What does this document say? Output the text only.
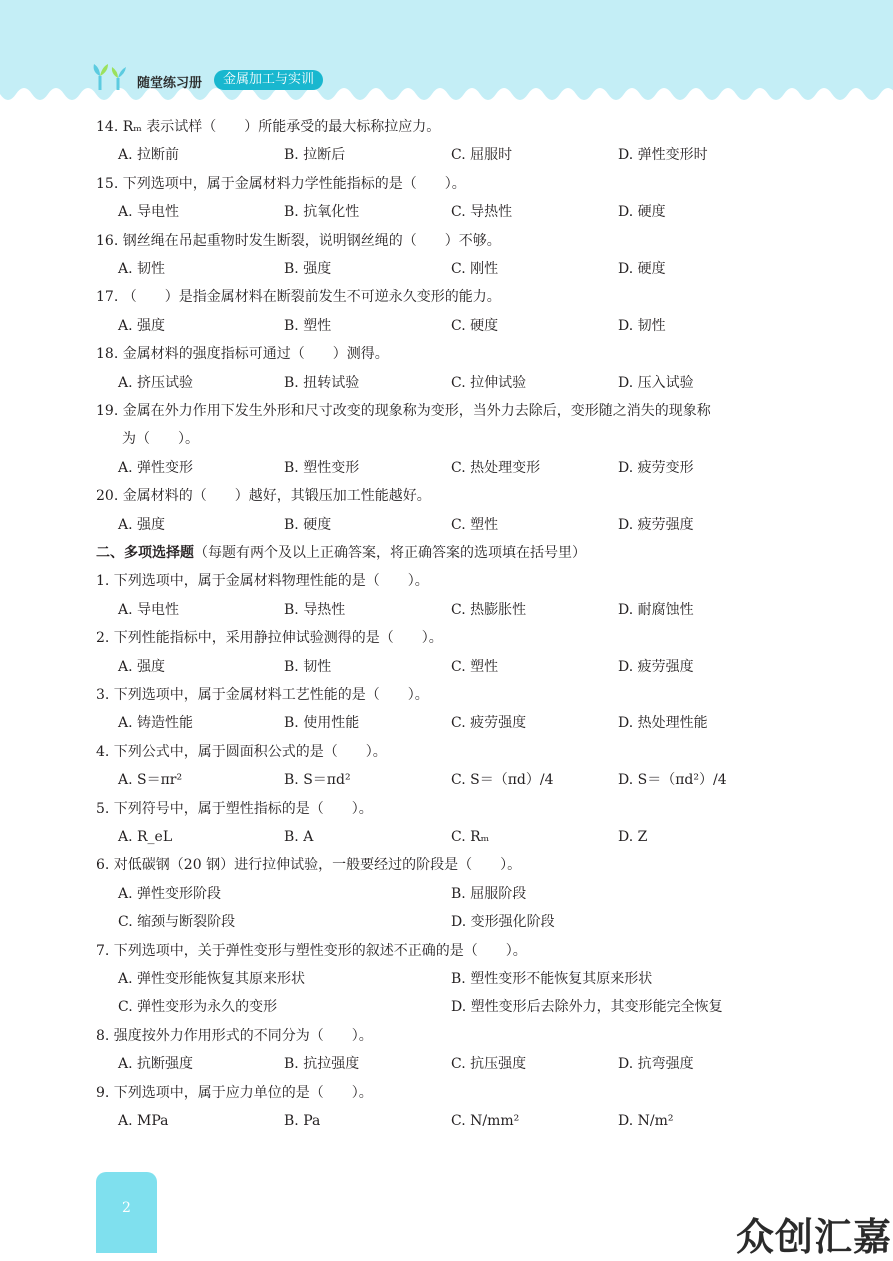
随堂练习册	金属加工与实训
14. Rₘ 表示试样（　　）所能承受的最大标称拉应力。
A. 拉断前	B. 拉断后	C. 屈服时	D. 弹性变形时
15. 下列选项中，属于金属材料力学性能指标的是（　　）。
A. 导电性	B. 抗氧化性	C. 导热性	D. 硬度
16. 钢丝绳在吊起重物时发生断裂，说明钢丝绳的（　　）不够。
A. 韧性	B. 强度	C. 刚性	D. 硬度
17. （　　）是指金属材料在断裂前发生不可逆永久变形的能力。
A. 强度	B. 塑性	C. 硬度	D. 韧性
18. 金属材料的强度指标可通过（　　）测得。
A. 挤压试验	B. 扭转试验	C. 拉伸试验	D. 压入试验
19. 金属在外力作用下发生外形和尺寸改变的现象称为变形，当外力去除后，变形随之消失的现象称
为（　　）。
A. 弹性变形	B. 塑性变形	C. 热处理变形	D. 疲劳变形
20. 金属材料的（　　）越好，其锻压加工性能越好。
A. 强度	B. 硬度	C. 塑性	D. 疲劳强度
二、多项选择题（每题有两个及以上正确答案，将正确答案的选项填在括号里）
1. 下列选项中，属于金属材料物理性能的是（　　）。
A. 导电性	B. 导热性	C. 热膨胀性	D. 耐腐蚀性
2. 下列性能指标中，采用静拉伸试验测得的是（　　）。
A. 强度	B. 韧性	C. 塑性	D. 疲劳强度
3. 下列选项中，属于金属材料工艺性能的是（　　）。
A. 铸造性能	B. 使用性能	C. 疲劳强度	D. 热处理性能
4. 下列公式中，属于圆面积公式的是（　　）。
A. S＝πr²	B. S＝πd²	C. S＝（πd）/4	D. S＝（πd²）/4
5. 下列符号中，属于塑性指标的是（　　）。
A. R_eL	B. A	C. Rₘ	D. Z
6. 对低碳钢（20 钢）进行拉伸试验，一般要经过的阶段是（　　）。
A. 弹性变形阶段	B. 屈服阶段
C. 缩颈与断裂阶段	D. 变形强化阶段
7. 下列选项中，关于弹性变形与塑性变形的叙述不正确的是（　　）。
A. 弹性变形能恢复其原来形状	B. 塑性变形不能恢复其原来形状
C. 弹性变形为永久的变形	D. 塑性变形后去除外力，其变形能完全恢复
8. 强度按外力作用形式的不同分为（　　）。
A. 抗断强度	B. 抗拉强度	C. 抗压强度	D. 抗弯强度
9. 下列选项中，属于应力单位的是（　　）。
A. MPa	B. Pa	C. N/mm²	D. N/m²
2
众创汇嘉
